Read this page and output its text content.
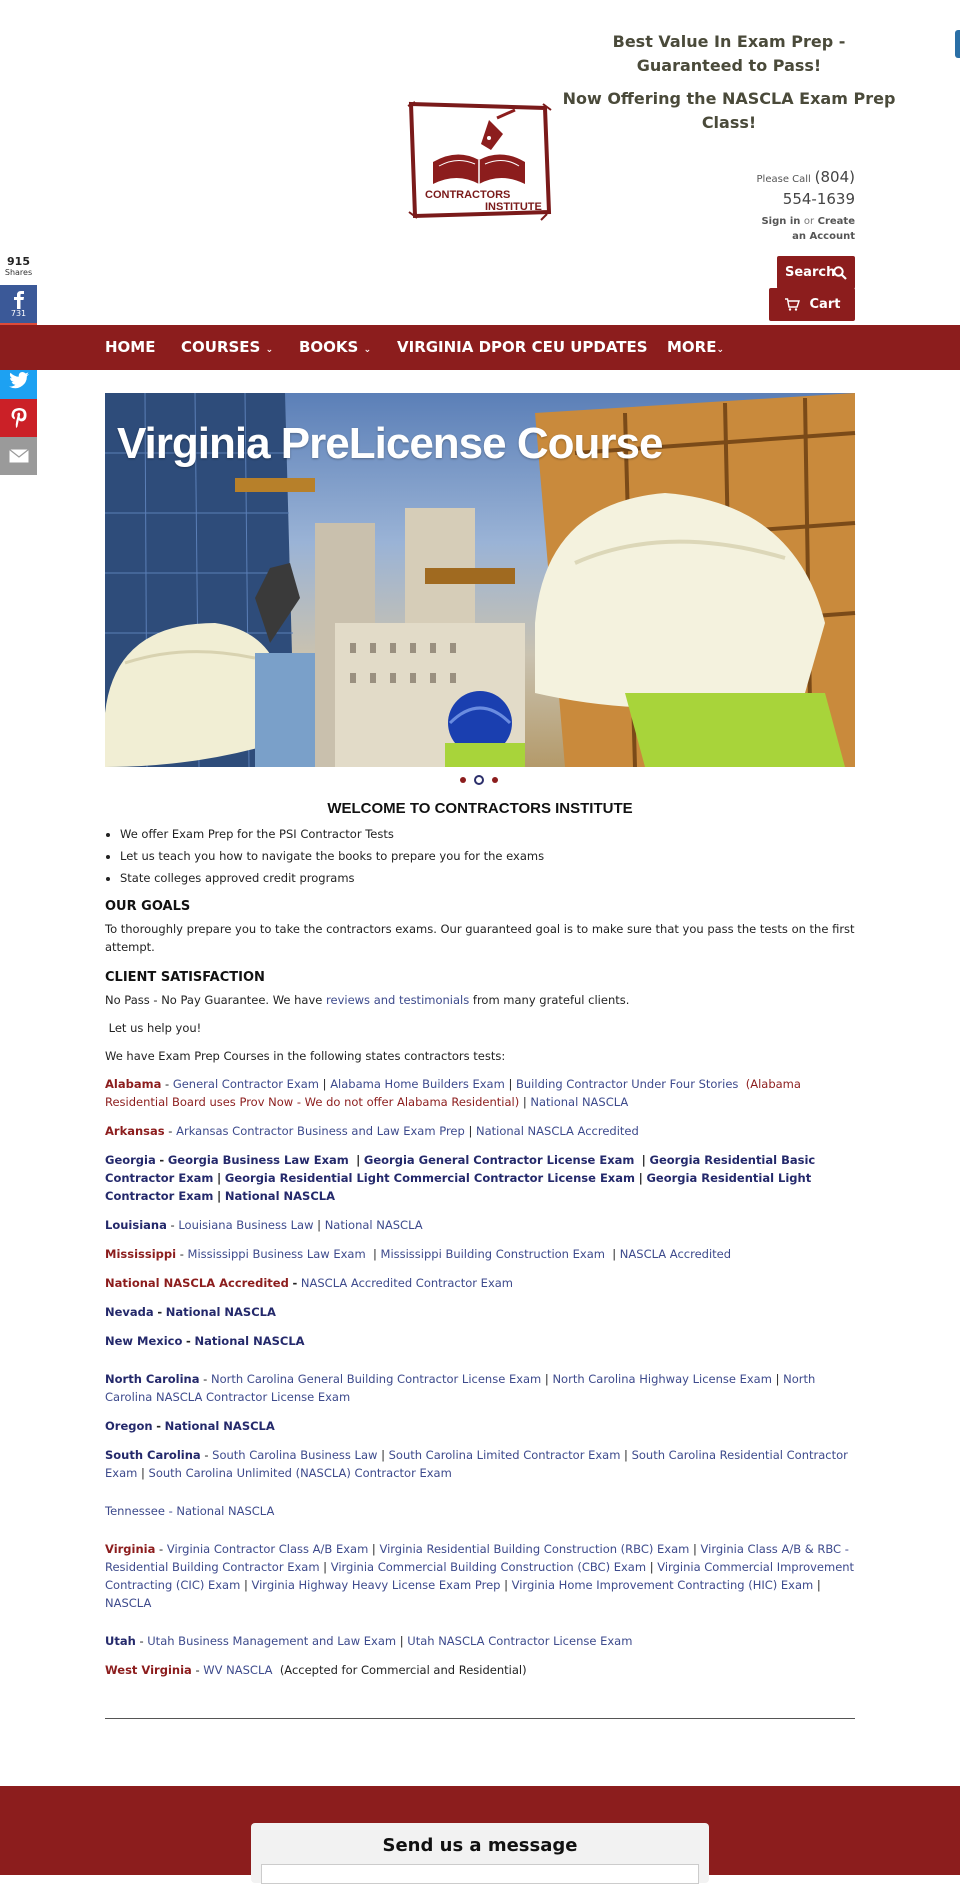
Best Value In Exam Prep - Guaranteed to Pass!
Now Offering the NASCLA Exam Prep Class!
CONTRACTORS
INSTITUTE
Please Call (804)
554-1639
Sign in or Create an Account
Search
Cart
915
Shares
731
HOME COURSES ⌄ BOOKS ⌄ VIRGINIA DPOR CEU UPDATES MORE⌄
Virginia PreLicense Course
WELCOME TO CONTRACTORS INSTITUTE
• We offer Exam Prep for the PSI Contractor Tests
• Let us teach you how to navigate the books to prepare you for the exams
• State colleges approved credit programs
OUR GOALS
To thoroughly prepare you to take the contractors exams. Our guaranteed goal is to make sure that you pass the tests on the first attempt.
CLIENT SATISFACTION
No Pass - No Pay Guarantee. We have reviews and testimonials from many grateful clients.
Let us help you!
We have Exam Prep Courses in the following states contractors tests:
Alabama - General Contractor Exam | Alabama Home Builders Exam | Building Contractor Under Four Stories (Alabama Residential Board uses Prov Now - We do not offer Alabama Residential) | National NASCLA
Arkansas - Arkansas Contractor Business and Law Exam Prep | National NASCLA Accredited
Georgia - Georgia Business Law Exam | Georgia General Contractor License Exam | Georgia Residential Basic Contractor Exam | Georgia Residential Light Commercial Contractor License Exam | Georgia Residential Light Contractor Exam | National NASCLA
Louisiana - Louisiana Business Law | National NASCLA
Mississippi - Mississippi Business Law Exam  | Mississippi Building Construction Exam  | NASCLA Accredited
National NASCLA Accredited - NASCLA Accredited Contractor Exam
Nevada - National NASCLA
New Mexico - National NASCLA
North Carolina - North Carolina General Building Contractor License Exam | North Carolina Highway License Exam | North Carolina NASCLA Contractor License Exam
Oregon - National NASCLA
South Carolina - South Carolina Business Law | South Carolina Limited Contractor Exam | South Carolina Residential Contractor Exam | South Carolina Unlimited (NASCLA) Contractor Exam
Tennessee - National NASCLA
Virginia - Virginia Contractor Class A/B Exam | Virginia Residential Building Construction (RBC) Exam | Virginia Class A/B & RBC - Residential Building Contractor Exam | Virginia Commercial Building Construction (CBC) Exam | Virginia Commercial Improvement Contracting (CIC) Exam | Virginia Highway Heavy License Exam Prep | Virginia Home Improvement Contracting (HIC) Exam |  NASCLA
Utah - Utah Business Management and Law Exam | Utah NASCLA Contractor License Exam
West Virginia - WV NASCLA (Accepted for Commercial and Residential)
Send us a message
